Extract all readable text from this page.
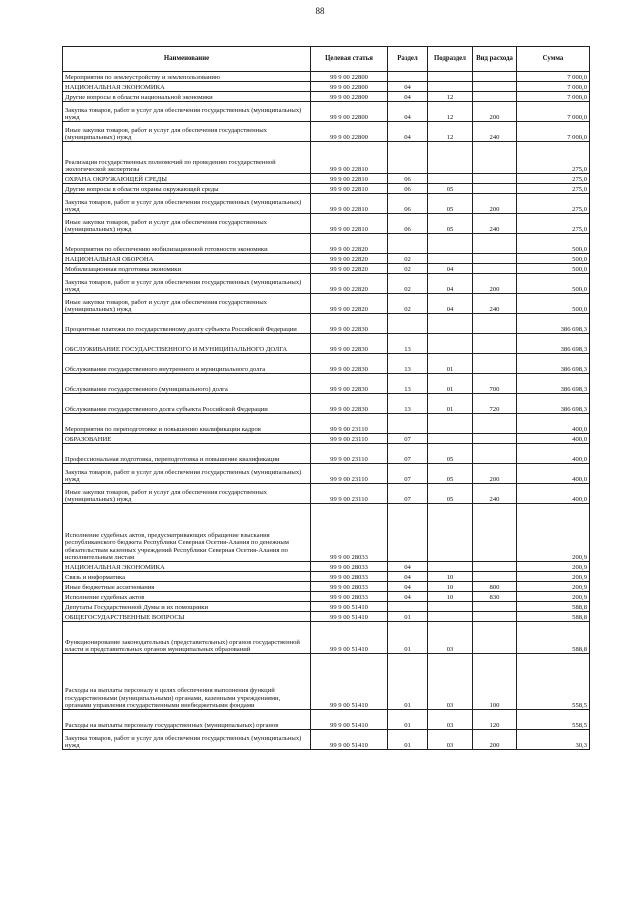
88
Наименование	Целевая статья	Раздел	Подраздел	Вид расхода	Сумма
Мероприятия по землеустройству и землепользованию	99 9 00 22800				7 000,0
НАЦИОНАЛЬНАЯ ЭКОНОМИКА	99 9 00 22800	04			7 000,0
Другие вопросы в области национальной экономики	99 9 00 22800	04	12		7 000,0
Закупка товаров, работ и услуг для обеспечения государственных (муниципальных) нужд	99 9 00 22800	04	12	200	7 000,0
Иные закупки товаров, работ и услуг для обеспечения государственных (муниципальных) нужд	99 9 00 22800	04	12	240	7 000,0
Реализация государственных полномочий по проведению государственной экологической экспертизы	99 9 00 22810				275,0
ОХРАНА ОКРУЖАЮЩЕЙ СРЕДЫ	99 9 00 22810	06			275,0
Другие вопросы в области охраны окружающей среды	99 9 00 22810	06	05		275,0
Закупка товаров, работ и услуг для обеспечения государственных (муниципальных) нужд	99 9 00 22810	06	05	200	275,0
Иные закупки товаров, работ и услуг для обеспечения государственных (муниципальных) нужд	99 9 00 22810	06	05	240	275,0
Мероприятия по обеспечению мобилизационной готовности экономики	99 9 00 22820				500,0
НАЦИОНАЛЬНАЯ ОБОРОНА	99 9 00 22820	02			500,0
Мобилизационная подготовка экономики	99 9 00 22820	02	04		500,0
Закупка товаров, работ и услуг для обеспечения государственных (муниципальных) нужд	99 9 00 22820	02	04	200	500,0
Иные закупки товаров, работ и услуг для обеспечения государственных (муниципальных) нужд	99 9 00 22820	02	04	240	500,0
Процентные платежи по государственному долгу субъекта Российской Федерации	99 9 00 22830				386 698,3
ОБСЛУЖИВАНИЕ ГОСУДАРСТВЕННОГО И МУНИЦИПАЛЬНОГО ДОЛГА	99 9 00 22830	13			386 698,3
Обслуживание государственного внутреннего и муниципального долга	99 9 00 22830	13	01		386 698,3
Обслуживание государственного (муниципального) долга	99 9 00 22830	13	01	700	386 698,3
Обслуживание государственного долга субъекта Российской Федерации	99 9 00 22830	13	01	720	386 698,3
Мероприятия по переподготовке и повышению квалификации кадров	99 9 00 23110				400,0
ОБРАЗОВАНИЕ	99 9 00 23110	07			400,0
Профессиональная подготовка, переподготовка и повышение квалификации	99 9 00 23110	07	05		400,0
Закупка товаров, работ и услуг для обеспечения государственных (муниципальных) нужд	99 9 00 23110	07	05	200	400,0
Иные закупки товаров, работ и услуг для обеспечения государственных (муниципальных) нужд	99 9 00 23110	07	05	240	400,0
Исполнение судебных актов, предусматривающих обращение взыскания республиканского бюджета Республики Северная Осетия-Алания по денежным обязательствам казенных учреждений Республики Северная Осетия-Алания по исполнительным листам	99 9 00 28033				200,9
НАЦИОНАЛЬНАЯ ЭКОНОМИКА	99 9 00 28033	04			200,9
Связь и информатика	99 9 00 28033	04	10		200,9
Иные бюджетные ассигнования	99 9 00 28033	04	10	800	200,9
Исполнение судебных актов	99 9 00 28033	04	10	830	200,9
Депутаты Государственной Думы и их помощники	99 9 00 51410				588,8
ОБЩЕГОСУДАРСТВЕННЫЕ ВОПРОСЫ	99 9 00 51410	01			588,8
Функционирование законодательных (представительных) органов государственной власти и представительных органов муниципальных образований	99 9 00 51410	01	03		588,8
Расходы на выплаты персоналу в целях обеспечения выполнения функций государственными (муниципальными) органами, казенными учреждениями, органами управления государственными внебюджетными фондами	99 9 00 51410	01	03	100	558,5
Расходы на выплаты персоналу государственных (муниципальных) органов	99 9 00 51410	01	03	120	558,5
Закупка товаров, работ и услуг для обеспечения государственных (муниципальных) нужд	99 9 00 51410	01	03	200	30,3
